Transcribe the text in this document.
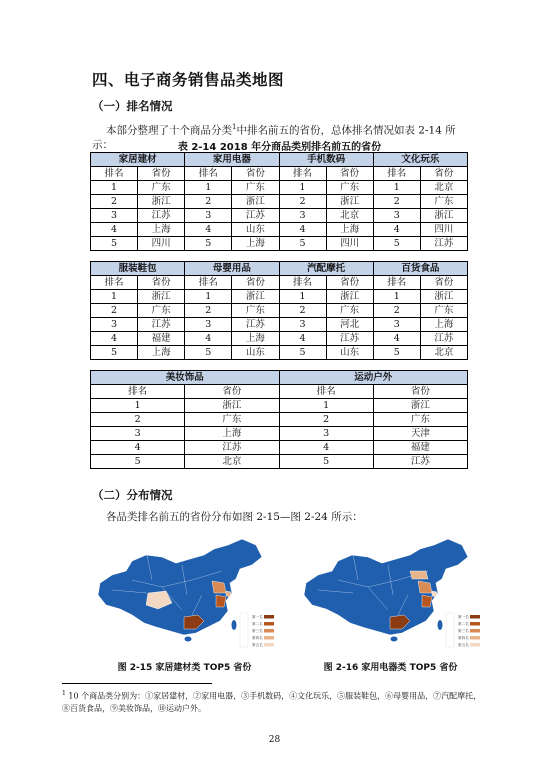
四、电子商务销售品类地图
（一）排名情况
本部分整理了十个商品分类$^1$中排名前五的省份，总体排名情况如表 2-14 所示：	表 2-14 2018 年分商品类别排名前五的省份
家居建材		家用电器		手机数码		文化玩乐	
排名	省份	排名	省份	排名	省份	排名	省份
1	广东	1	广东	1	广东	1	北京
2	浙江	2	浙江	2	浙江	2	广东
3	江苏	3	江苏	3	北京	3	浙江
4	上海	4	山东	4	上海	4	四川
5	四川	5	上海	5	四川	5	江苏
服装鞋包		母婴用品		汽配摩托		百货食品	
排名	省份	排名	省份	排名	省份	排名	省份
1	浙江	1	浙江	1	浙江	1	浙江
2	广东	2	广东	2	广东	2	广东
3	江苏	3	江苏	3	河北	3	上海
4	福建	4	上海	4	江苏	4	江苏
5	上海	5	山东	5	山东	5	北京
美妆饰品		运动户外	
排名	省份	排名	省份
1	浙江	1	浙江
2	广东	2	广东
3	上海	3	天津
4	江苏	4	福建
5	北京	5	江苏
（二）分布情况
各品类排名前五的省份分布如图 2-15—图 2-24 所示：
第一名
第二名
第三名
第四名
第五名
第一名
第二名
第三名
第四名
第五名
图 2-15 家居建材类 TOP5 省份	图 2-16 家用电器类 TOP5 省份
$^1$ 10 个商品类分别为：①家居建材，②家用电器，③手机数码，④文化玩乐，⑤服装鞋包，⑥母婴用品，⑦汽配摩托，⑧百货食品，⑨美妆饰品，⑩运动户外。
28
